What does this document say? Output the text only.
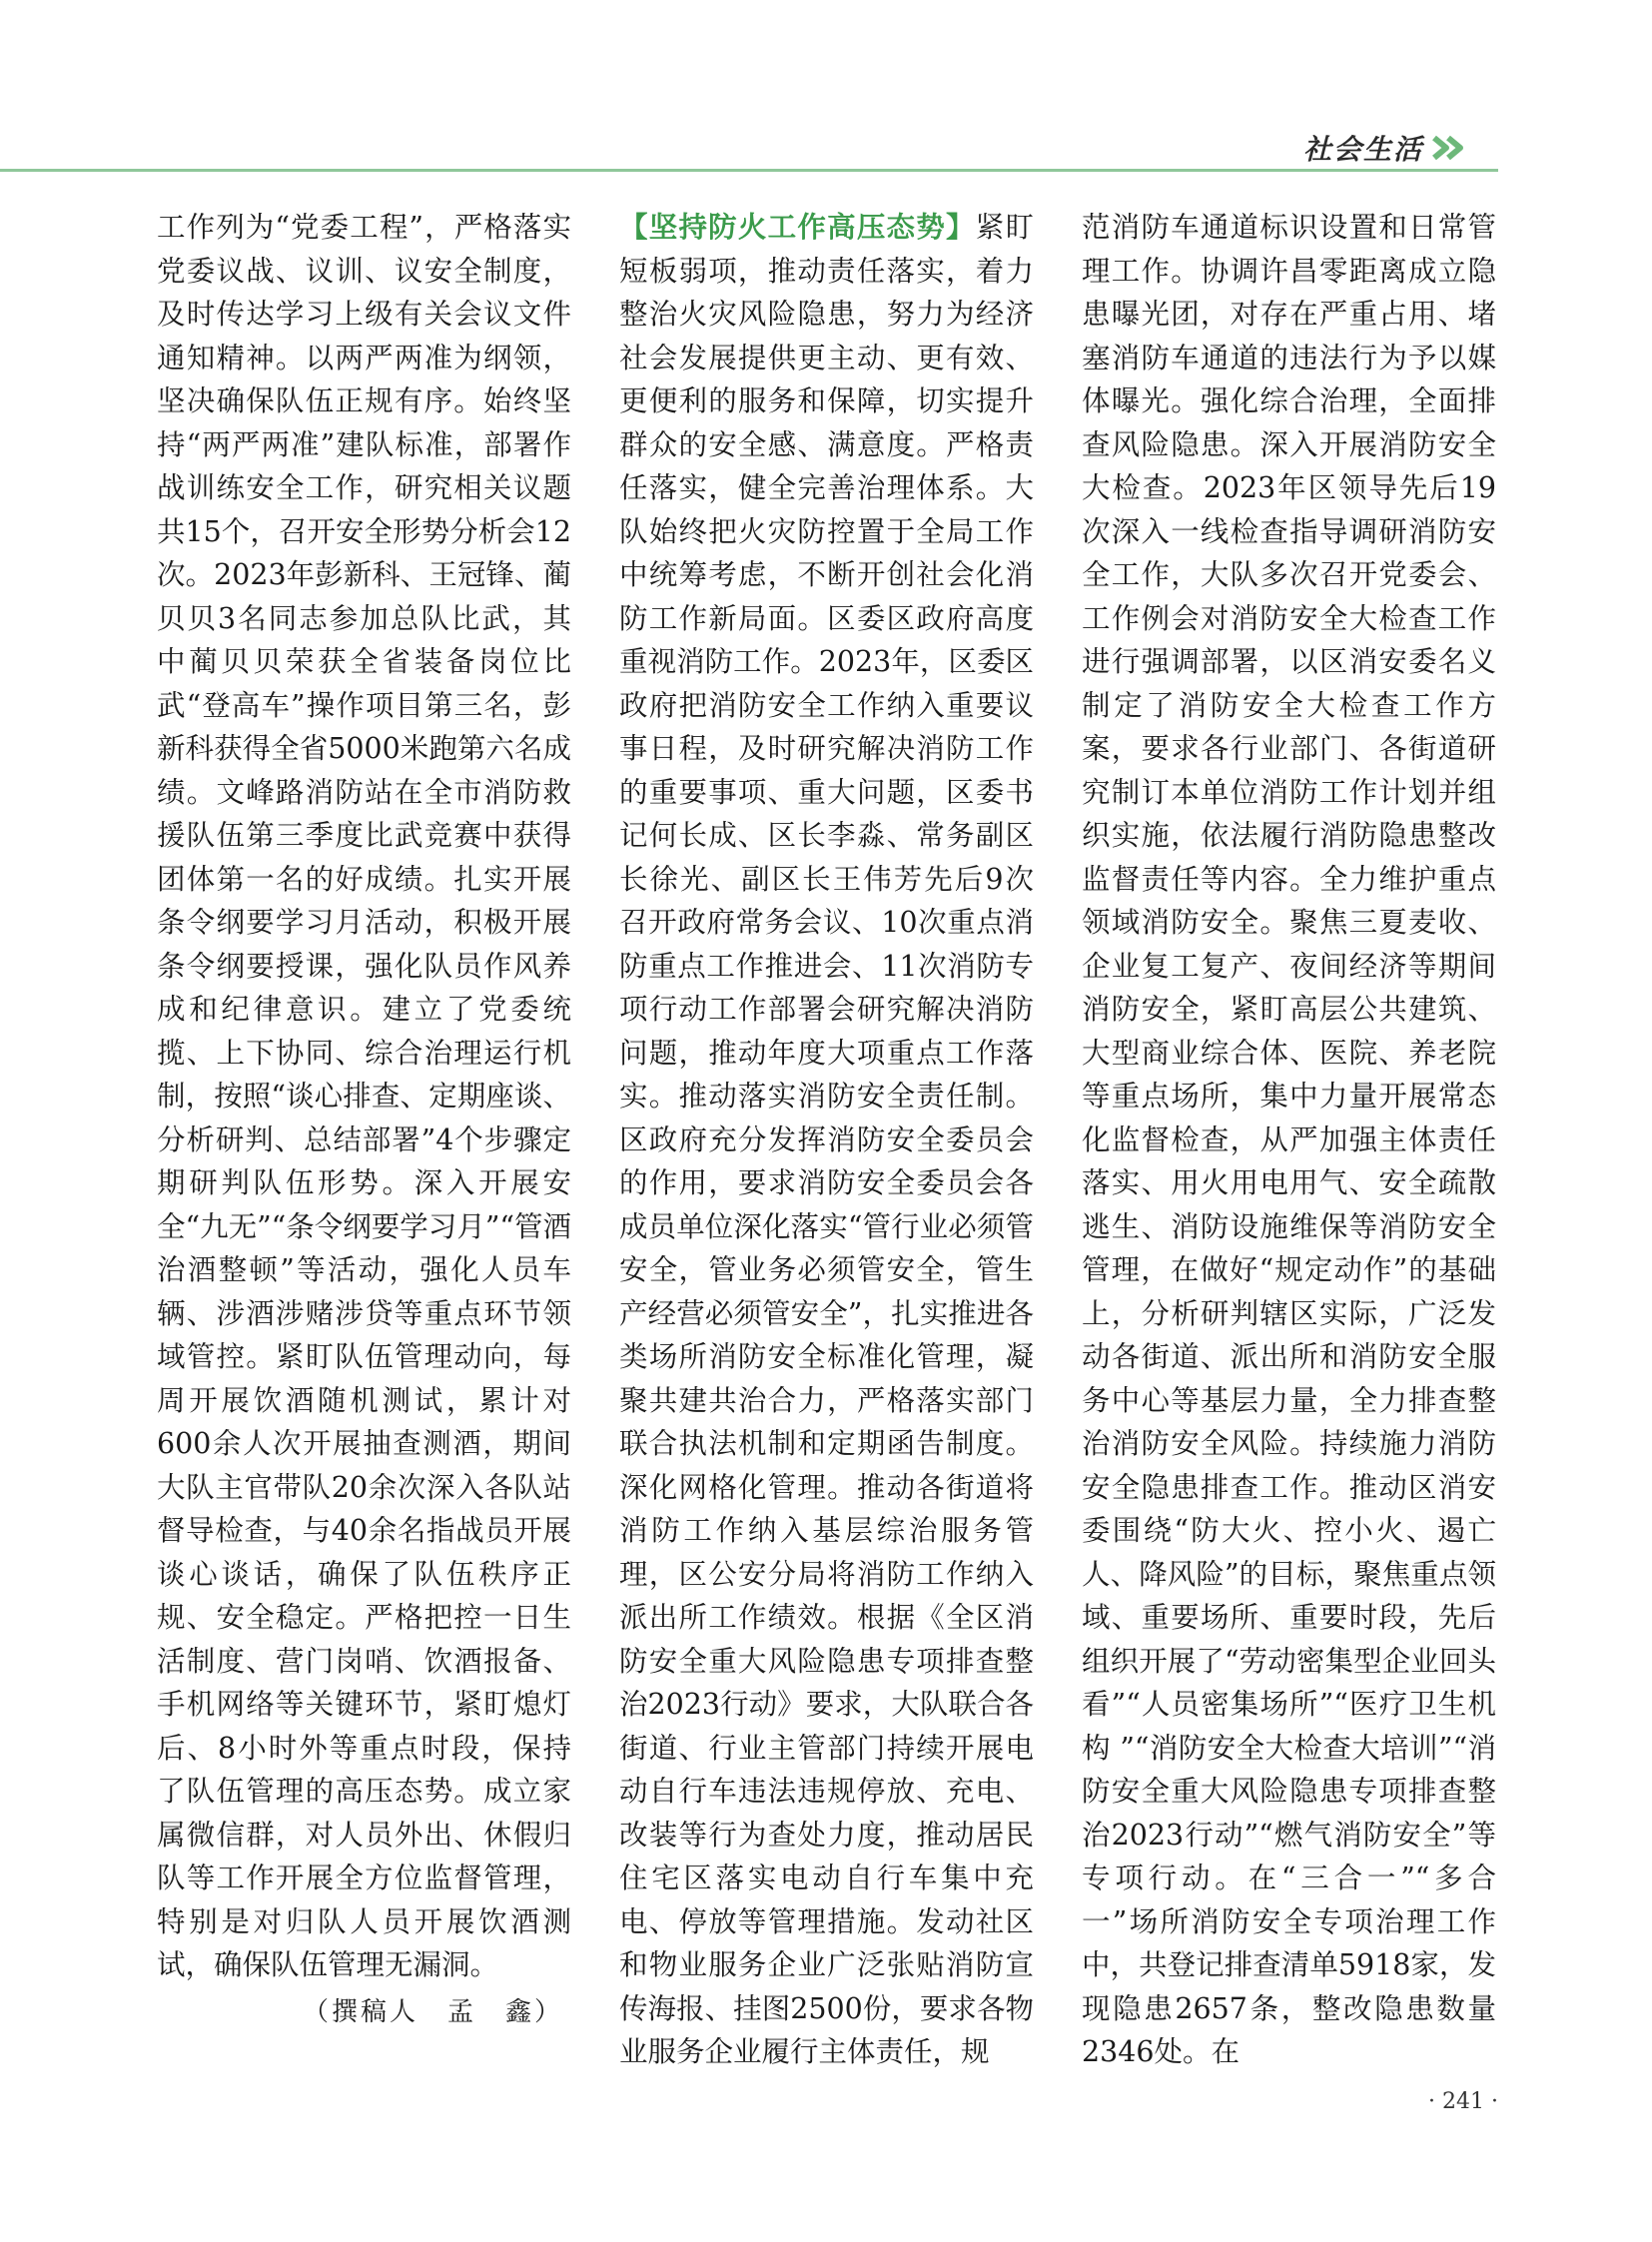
社会生活

工作列为“党委工程”，严格落实党委议战、议训、议安全制度，及时传达学习上级有关会议文件通知精神。以两严两准为纲领，坚决确保队伍正规有序。始终坚持“两严两准”建队标准，部署作战训练安全工作，研究相关议题共15个，召开安全形势分析会12次。2023年彭新科、王冠锋、蔺贝贝3名同志参加总队比武，其中蔺贝贝荣获全省装备岗位比武“登高车”操作项目第三名，彭新科获得全省5000米跑第六名成绩。文峰路消防站在全市消防救援队伍第三季度比武竞赛中获得团体第一名的好成绩。扎实开展条令纲要学习月活动，积极开展条令纲要授课，强化队员作风养成和纪律意识。建立了党委统揽、上下协同、综合治理运行机制，按照“谈心排查、定期座谈、分析研判、总结部署”4个步骤定期研判队伍形势。深入开展安全“九无”“条令纲要学习月”“管酒治酒整顿”等活动，强化人员车辆、涉酒涉赌涉贷等重点环节领域管控。紧盯队伍管理动向，每周开展饮酒随机测试，累计对600余人次开展抽查测酒，期间大队主官带队20余次深入各队站督导检查，与40余名指战员开展谈心谈话，确保了队伍秩序正规、安全稳定。严格把控一日生活制度、营门岗哨、饮酒报备、手机网络等关键环节，紧盯熄灯后、8小时外等重点时段，保持了队伍管理的高压态势。成立家属微信群，对人员外出、休假归队等工作开展全方位监督管理，特别是对归队人员开展饮酒测试，确保队伍管理无漏洞。

（撰稿人　孟　鑫）

【坚持防火工作高压态势】紧盯短板弱项，推动责任落实，着力整治火灾风险隐患，努力为经济社会发展提供更主动、更有效、更便利的服务和保障，切实提升群众的安全感、满意度。严格责任落实，健全完善治理体系。大队始终把火灾防控置于全局工作中统筹考虑，不断开创社会化消防工作新局面。区委区政府高度重视消防工作。2023年，区委区政府把消防安全工作纳入重要议事日程，及时研究解决消防工作的重要事项、重大问题，区委书记何长成、区长李淼、常务副区长徐光、副区长王伟芳先后9次召开政府常务会议、10次重点消防重点工作推进会、11次消防专项行动工作部署会研究解决消防问题，推动年度大项重点工作落实。推动落实消防安全责任制。区政府充分发挥消防安全委员会的作用，要求消防安全委员会各成员单位深化落实“管行业必须管安全，管业务必须管安全，管生产经营必须管安全”，扎实推进各类场所消防安全标准化管理，凝聚共建共治合力，严格落实部门联合执法机制和定期函告制度。深化网格化管理。推动各街道将消防工作纳入基层综治服务管理，区公安分局将消防工作纳入派出所工作绩效。根据《全区消防安全重大风险隐患专项排查整治2023行动》要求，大队联合各街道、行业主管部门持续开展电动自行车违法违规停放、充电、改装等行为查处力度，推动居民住宅区落实电动自行车集中充电、停放等管理措施。发动社区和物业服务企业广泛张贴消防宣传海报、挂图2500份，要求各物业服务企业履行主体责任，规

范消防车通道标识设置和日常管理工作。协调许昌零距离成立隐患曝光团，对存在严重占用、堵塞消防车通道的违法行为予以媒体曝光。强化综合治理，全面排查风险隐患。深入开展消防安全大检查。2023年区领导先后19次深入一线检查指导调研消防安全工作，大队多次召开党委会、工作例会对消防安全大检查工作进行强调部署，以区消安委名义制定了消防安全大检查工作方案，要求各行业部门、各街道研究制订本单位消防工作计划并组织实施，依法履行消防隐患整改监督责任等内容。全力维护重点领域消防安全。聚焦三夏麦收、企业复工复产、夜间经济等期间消防安全，紧盯高层公共建筑、大型商业综合体、医院、养老院等重点场所，集中力量开展常态化监督检查，从严加强主体责任落实、用火用电用气、安全疏散逃生、消防设施维保等消防安全管理，在做好“规定动作”的基础上，分析研判辖区实际，广泛发动各街道、派出所和消防安全服务中心等基层力量，全力排查整治消防安全风险。持续施力消防安全隐患排查工作。推动区消安委围绕“防大火、控小火、遏亡人、降风险”的目标，聚焦重点领域、重要场所、重要时段，先后组织开展了“劳动密集型企业回头看”“人员密集场所”“医疗卫生机构 ”“消防安全大检查大培训”“消防安全重大风险隐患专项排查整治2023行动”“燃气消防安全”等专项行动。在“三合一”“多合一”场所消防安全专项治理工作中，共登记排查清单5918家，发现隐患2657条，整改隐患数量2346处。在

· 241 ·
